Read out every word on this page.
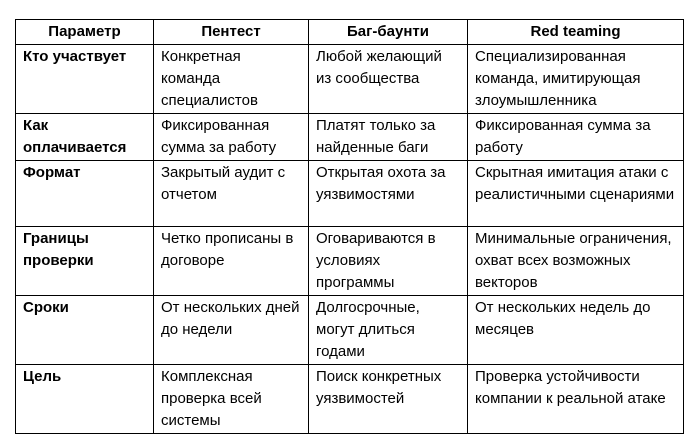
Параметр	Пентест	Баг-баунти	Red teaming
Кто участвует	Конкретная команда специалистов	Любой желающий из сообщества	Специализированная команда, имитирующая злоумышленника
Как оплачивается	Фиксированная сумма за работу	Платят только за найденные баги	Фиксированная сумма за работу
Формат	Закрытый аудит с отчетом	Открытая охота за уязвимостями	Скрытная имитация атаки с реалистичными сценариями
Границы проверки	Четко прописаны в договоре	Оговариваются в условиях программы	Минимальные ограничения, охват всех возможных векторов
Сроки	От нескольких дней до недели	Долгосрочные, могут длиться годами	От нескольких недель до месяцев
Цель	Комплексная проверка всей системы	Поиск конкретных уязвимостей	Проверка устойчивости компании к реальной атаке
